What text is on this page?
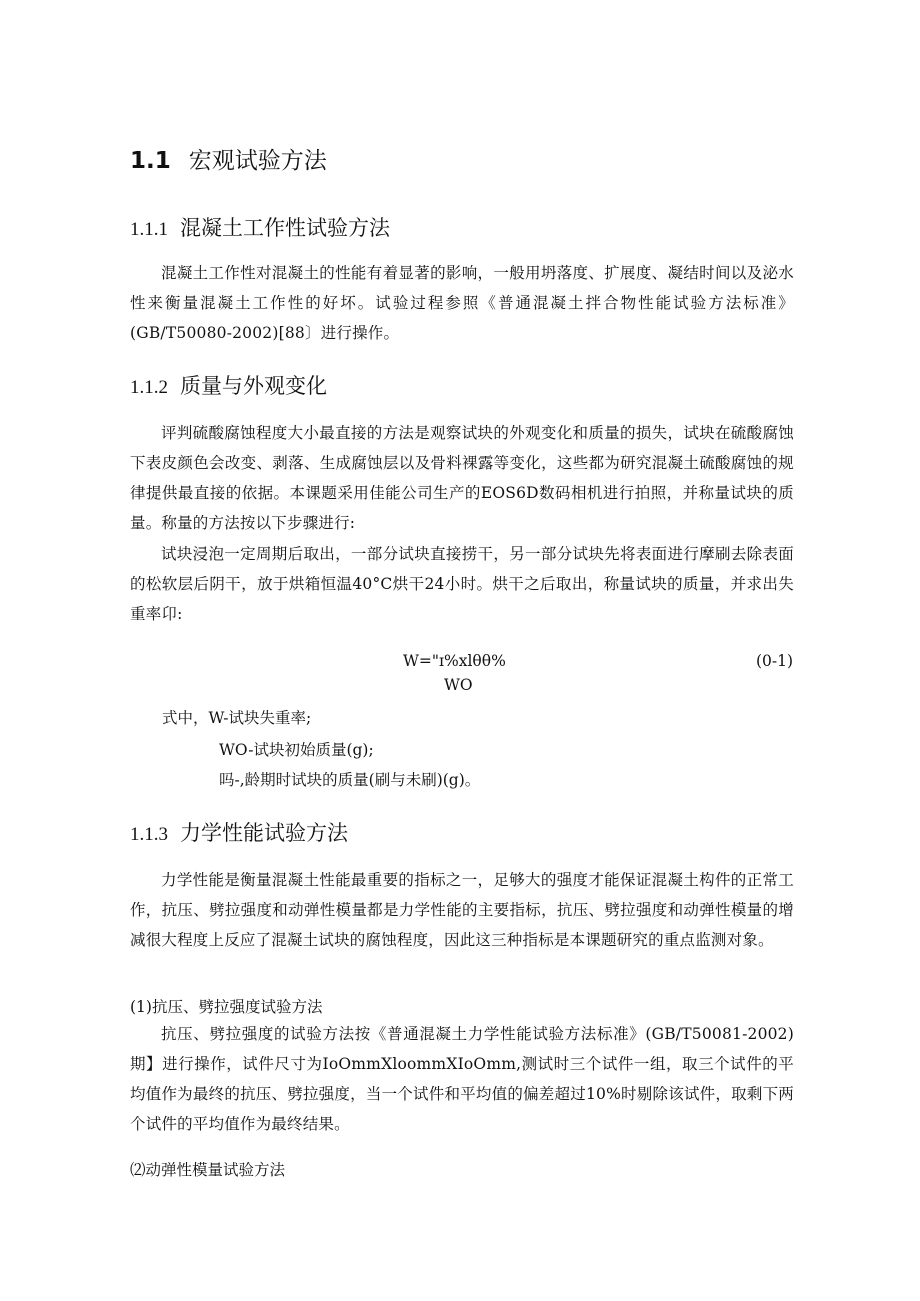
1.1 宏观试验方法
1.1.1 混凝土工作性试验方法
混凝土工作性对混凝土的性能有着显著的影响，一般用坍落度、扩展度、凝结时间以及泌水性来衡量混凝土工作性的好坏。试验过程参照《普通混凝土拌合物性能试验方法标准》(GB/T50080-2002)[88〕进行操作。
1.1.2 质量与外观变化
评判硫酸腐蚀程度大小最直接的方法是观察试块的外观变化和质量的损失，试块在硫酸腐蚀下表皮颜色会改变、剥落、生成腐蚀层以及骨料裸露等变化，这些都为研究混凝土硫酸腐蚀的规律提供最直接的依据。本课题采用佳能公司生产的EOS6D数码相机进行拍照，并称量试块的质量。称量的方法按以下步骤进行:
试块浸泡一定周期后取出，一部分试块直接捞干，另一部分试块先将表面进行摩刷去除表面的松软层后阴干，放于烘箱恒温40°C烘干24小时。烘干之后取出，称量试块的质量，并求出失重率卬:
W="ɪ%xlθθ%
WO
(0-1)
式中，W-试块失重率;
WO-试块初始质量(g);
吗-,龄期时试块的质量(刷与未刷)(g)。
1.1.3 力学性能试验方法
力学性能是衡量混凝土性能最重要的指标之一，足够大的强度才能保证混凝土构件的正常工作，抗压、劈拉强度和动弹性模量都是力学性能的主要指标，抗压、劈拉强度和动弹性模量的增减很大程度上反应了混凝土试块的腐蚀程度，因此这三种指标是本课题研究的重点监测对象。
(1)抗压、劈拉强度试验方法
抗压、劈拉强度的试验方法按《普通混凝土力学性能试验方法标准》(GB/T50081-2002)期】进行操作，试件尺寸为IoOmmXloommXIoOmm,测试时三个试件一组，取三个试件的平均值作为最终的抗压、劈拉强度，当一个试件和平均值的偏差超过10%时剔除该试件，取剩下两个试件的平均值作为最终结果。
⑵动弹性模量试验方法
